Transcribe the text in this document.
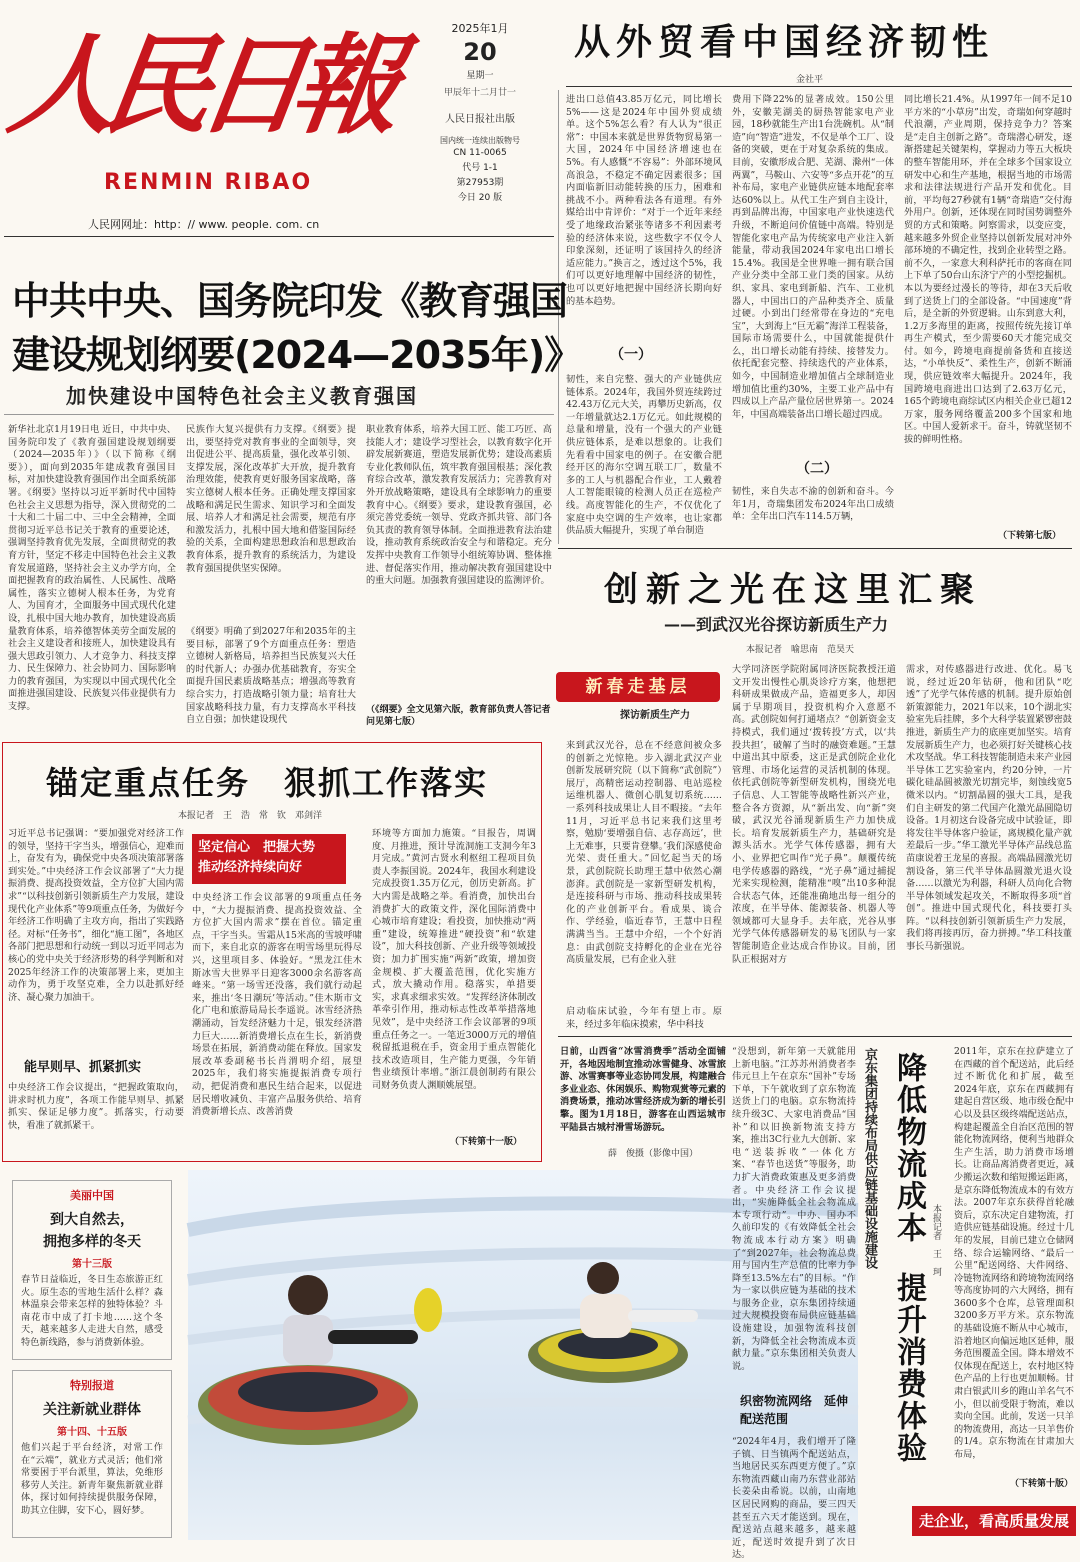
人民日報
RENMIN RIBAO
人民网网址：http：// www. people. com. cn
2025年1月
20
星期一
甲辰年十二月廿一
人民日报社出版
国内统一连续出版物号
CN 11-0065
代号 1-1
第27953期
今日 20 版
从外贸看中国经济韧性
金社平
进出口总值43.85万亿元，同比增长5%——这是2024年中国外贸成绩单。这个5%怎么看？有人认为“很正常”：中国本来就是世界货物贸易第一大国，2024年中国经济增速也在5%。有人感慨“不容易”：外部环境风高浪急，不稳定不确定因素很多；国内面临新旧动能转换的压力，困难和挑战不小。两种看法各有道理。有外媒给出中肯评价：“对于一个近年来经受了地缘政治紧张等诸多不利因素考验的经济体来说，这些数字不仅令人印象深刻，还证明了该国持久的经济适应能力。”换言之，透过这个5%，我们可以更好地理解中国经济的韧性，也可以更好地把握中国经济长期向好的基本趋势。
（一）
韧性，来自完整、强大的产业链供应链体系。2024年，我国外贸连续跨过42.43万亿元大关，再攀历史新高，仅一年增量就达2.1万亿元。如此规模的总量和增量，没有一个强大的产业链供应链体系，是难以想象的。让我们先看看中国家电的例子。在安徽合肥经开区的海尔空调互联工厂，数量不多的工人与机器配合作业，工人戴着人工智能眼镜的检测人员正在巡检产线。高度智能化的生产，不仅优化了家庭中央空调的生产效率，也让家都供品质大幅提升，实现了单台制造
费用下降22%的显著成效。150公里外，安徽芜湖美的厨热智能家电产业园，18秒就能生产出1台洗碗机。从“制造”向“智造”进发，不仅是单个工厂、设备的突破，更在于对复杂系统的集成。目前，安徽形成合肥、芜湖、滁州“一体两翼”，马鞍山、六安等“多点开花”的互补布局，家电产业链供应链本地配套率达60%以上。从代工生产到自主设计，再到品牌出海，中国家电产业快速迭代升级，不断追问价值链中高端。特别是智能化家电产品为传统家电产业注入新能量，带动我国2024年家电出口增长15.4%。我国是全世界唯一拥有联合国产业分类中全部工业门类的国家。从纺织、家具、家电到新船、汽车、工业机器人，中国出口的产品种类齐全、质量过硬。小到出门经常带在身边的“充电宝”，大到海上“巨无霸”海洋工程装备，国际市场需要什么，中国就能提供什么，出口增长动能有持续、接替发力。依托配套完整、持续迭代的产业体系，如今，中国制造业增加值占全球制造业增加值比重约30%，主要工业产品中有四成以上产品产量位居世界第一。2024年，中国高端装备出口增长超过四成。
（二）
韧性，来自失志不渝的创新和奋斗。今年1月，奇瑞集团发布2024年出口成绩单：全年出口汽车114.5万辆，
同比增长21.4%。从1997年一间不足10平方米的“小草房”出发，奇瑞如何穿越时代浪潮，产业周期，保持竞争力？答案是“走自主创新之路”。奇瑞潜心研发，逐渐搭建起关键架构，掌握动力等五大板块的整车智能用环，并在全球多个国家设立研发中心和生产基地，根据当地的市场需求和法律法规进行产品开发和优化。目前，平均每27秒就有1辆“奇瑞造”交付海外用户。创新，还体现在同时国势调整外贸的方式和策略。阿察需求，以变应变，越来越多外贸企业坚持以创新发展对冲外部环境的不确定性，找到企业转型之路。前不久，一家意大利科萨托市的客商在同上下单了50台山东济宁产的小型挖掘机。本以为要经过漫长的等待，却在3天后收到了送货上门的全部设备。“中国速度”背后，是全新的外贸逻辑。山东到意大利，1.2万多海里的距离，按照传统先接订单再生产模式，至少需要60天才能完成交付。如今，跨境电商提前备货和直接送达，“小单快反”、柔性生产，创新不断涌现，供应链效率大幅提升。2024年，我国跨境电商进出口达到了2.63万亿元，165个跨境电商综试区内相关企业已超12万家，服务网络覆盖200多个国家和地区。中国人爱新求干。奋斗，铸就坚韧不拔的鲜明性格。
（下转第七版）
中共中央、国务院印发《教育强国
建设规划纲要(2024—2035年)》
加快建设中国特色社会主义教育强国
新华社北京1月19日电 近日，中共中央、国务院印发了《教育强国建设规划纲要（2024—2035年）》（以下简称《纲要》），面向到2035年建成教育强国目标，对加快建设教育强国作出全面系统部署。《纲要》坚持以习近平新时代中国特色社会主义思想为指导，深入贯彻党的二十大和二十届二中、三中全会精神，全面贯彻习近平总书记关于教育的重要论述，强调坚持教育优先发展，全面贯彻党的教育方针，坚定不移走中国特色社会主义教育发展道路，坚持社会主义办学方向，全面把握教育的政治属性、人民属性、战略属性，落实立德树人根本任务，为党育人、为国育才，全面服务中国式现代化建设，扎根中国大地办教育，加快建设高质量教育体系，培养德智体美劳全面发展的社会主义建设者和接班人，加快建设具有强大思政引领力、人才竞争力、科技支撑力、民生保障力、社会协同力、国际影响力的教育强国，为实现以中国式现代化全面推进强国建设、民族复兴伟业提供有力支撑。
民族作大复兴提供有力支撑。《纲要》提出，要坚持党对教育事业的全面领导，突出促进公平、提高质量，强化改革引领、支撑发展，深化改革扩大开放，提升教育治理效能，使教育更好服务国家战略，落实立德树人根本任务。正确处理支撑国家战略和满足民生需求、知识学习和全面发展、培养人才和满足社会需要，规范有序和激发活力，扎根中国大地和借鉴国际经验的关系，全面构建思想政治和思想政治教育体系，提升教育的系统活力，为建设教育强国提供坚实保障。
《纲要》明确了到2027年和2035年的主要目标，部署了9个方面重点任务：塑造立德树人新格局，培养担当民族复兴大任的时代新人；办强办优基础教育，夯实全面提升国民素质战略基点；增强高等教育综合实力，打造战略引领力量；培育壮大国家战略科技力量，有力支撑高水平科技自立自强；加快建设现代
职业教育体系，培养大国工匠、能工巧匠、高技能人才；建设学习型社会，以教育数字化开辟发展新赛道，塑造发展新优势；建设高素质专业化教师队伍，筑牢教育强国根基；深化教育综合改革，激发教育发展活力；完善教育对外开放战略策略，建设具有全球影响力的重要教育中心。《纲要》要求，建设教育强国，必须完善党委统一领导、党政齐抓共管、部门各负其责的教育领导体制。全面推进教育法治建设，推动教育系统政治安全与和谐稳定。充分发挥中央教育工作领导小组统筹协调、整体推进、督促落实作用，推动解决教育强国建设中的重大问题。加强教育强国建设的监测评价。
（《纲要》全文见第六版，教育部负责人答记者问见第七版）
锚定重点任务　狠抓工作落实
本报记者　王　浩　常　钦　邓剑洋
习近平总书记强调：“要加强党对经济工作的领导，坚持干字当头，增强信心，迎难而上，奋发有为，确保党中央各项决策部署落到实处。”中央经济工作会议部署了“大力提振消费、提高投资效益，全方位扩大国内需求”“以科技创新引领新质生产力发展，建设现代化产业体系”等9项重点任务，为做好今年经济工作明确了主攻方向，指出了实践路径。对标“任务书”，细化“施工图”，各地区各部门把思想和行动统一到以习近平同志为核心的党中央关于经济形势的科学判断和对2025年经济工作的决策部署上来，更加主动作为，勇于攻坚克难，全力以赴抓好经济、凝心聚力加油干。
能早则早、抓紧抓实
中央经济工作会议提出，“把握政策取向，讲求时机力度”，各项工作能早则早、抓紧抓实、保证足够力度”。抓落实，行动要快，看准了就抓紧干。
坚定信心　把握大势
推动经济持续向好
中央经济工作会议部署的9项重点任务中，“大力提振消费、提高投资效益、全方位扩大国内需求”摆在首位。锚定重点，干字当头。雪霜从15米高的雪坡呼啸而下，来自北京的游客在明雪场里玩得尽兴，这里项目多、体验好。“黑龙江佳木斯冰雪大世界平日迎客3000余名游客高峰来。“第一场雪还没落，我们就行动起来，推出‘冬日潮玩’等活动。”佳木斯市文化广电和旅游局局长李遥说。冰雪经济热潮涌动，旨发经济魅力十足，银发经济潜力巨大……新消费增长点在生长，新消费场景在拓展，新消费动能在释放。国家发展改革委副秘书长肖渭明介绍，展望2025年，我们将实施提振消费专项行动，把促消费和惠民生结合起来，以促进居民增收减负、丰富产品服务供给、培育消费新增长点、改善消费
环境等方面加力施策。“目报告，周调度、月推进，预计导流洞施工支洞今年3月完成。”黄河古贤水利枢纽工程项目负责人李振国说。2024年，我国水利建设完成投资1.35万亿元，创历史新高。扩大内需是战略之举。看消费，加快出台消费扩大的政策文件，深化国际消费中心城市培育建设；看投资，加快推动“两重”建设，统筹推进“硬投资”和“软建设”，加大科技创新、产业升级等领域投资；加力扩围实施“两新”政策，增加资金规模、扩大覆盖范围，优化实施方式，放大撬动作用。稳落实，单措要实，求真求细求实效。“发挥经济体制改革牵引作用，推动标志性改革举措落地见效”，是中央经济工作会议部署的9项重点任务之一。一笔近3000万元的增值税留抵退税在手，资金用于重点智能化技术改造项目，生产能力更强，今年销售业绩预计率增。”浙江晨创制药有限公司财务负责人渊顺姚展望。
（下转第十一版）
创新之光在这里汇聚
——到武汉光谷探访新质生产力
本报记者　喻思南　范昊天
新春走基层
探访新质生产力
来到武汉光谷，总在不经意间被众多的创新之光惊艳。步入湖北武汉产业创新发展研究院（以下简称“武创院”）展厅，高精密运动控制器、电站巡检运维机器人、微创心肌复切系统……一系列科技成果让人目不暇接。“去年11月，习近平总书记来我们这里考察，勉励‘要增强自信、志存高远’，世上无难事，只要肯登攀。’我们深感使命光荣、责任重大。”回忆起当天的场景，武创院院长助理王慧中依然心潮澎湃。武创院是一家新型研发机构，是连接科研与市场、推动科技成果转化的产业创新平台。看成果、谈合作、学经验，临近春节，王慧中日程满满当当。王慧中介绍，一个个好消息：由武创院支持孵化的企业在光谷高质量发展，已有企业入驻
启动临床试验，今年有望上市。原来，经过多年临床摸索，华中科技
大学同济医学院附属同济医院教授汪道文开发出慢性心肌炎诊疗方案，他想把科研成果做成产品，造福更多人，却因属于早期项目，投资机构介入意愿不高。武创院如何打通堵点？“创新资金支持模式，我们通过‘拨转投’方式，以‘共投共担’，破解了当时的融资难题。”王慧中道出其中原委，这正是武创院企业化管理、市场化运营的灵活机制的体现。依托武创院等新型研发机构，围绕光电子信息、人工智能等战略性新兴产业，整合各方资源，从“新出发、向“新”突破，武汉光谷涌现新质生产力加快成长。培育发展新质生产力，基础研究是源头活水。光学气体传感器，拥有大小、业界把它叫作“光子鼻”。颠覆传统电学传感器的路线，“光子鼻”通过捕捉光来实现检测，能精准“嗅”出10多种混合状态气体，还能准确地出每一组分的浓度，在半导体、能源装备、机器人等领域都可大显身手。去年底，光谷从事光学气体传感器研发的易飞团队与一家智能制造企业达成合作协议。目前，团队正根据对方
需求，对传感器进行改进、优化。易飞说，经过近20年钻研，他和团队“吃透”了光学气体传感的机制。提升原始创新策源能力，2021年以来，10个湖北实验室先后挂牌，多个大科学装置紧锣密鼓推进，新质生产力的底座更加坚实。培育发展新质生产力，也必须打好关键核心技术攻坚战。华工科技智能制造未来产业园半导体工艺实验室内，约20分钟，一片碳化硅晶圆被激光切割完毕，刻蚀线宽5微米以内。“切割晶圆的强大工具，是我们自主研发的第二代国产化激光晶圆隐切设备。1月初这台设备完成中试验证，即将发往半导体客户验证，离规模化量产就差最后一步。”华工激光半导体产品线总监苗康说着王龙星的喜报。高端晶圆激光切割设备，第三代半导体晶圆激光退火设备……以激光为利器，科研人员向化合物半导体领域发起攻关，不断取得多项“首创”。推进中国式现代化，科技要打头阵。“以科技创新引领新质生产力发展，我们将再接再厉，奋力拼搏。”华工科技董事长马新强说。
日前，山西省“冰雪消费季”活动全面铺开，各地因地制宜推动冰雪健身、冰雪旅游、冰雪赛事等业态协同发展，构建融合多业业态、休闲娱乐、购物观赏等元素的消费场景，推动冰雪经济成为新的增长引擎。图为1月18日，游客在山西运城市平陆县古城村滑雪场游玩。
薛　俊摄（影像中国）	降低物流成本
提升消费体验
京东集团持续布局供应链基础设施建设	本报记者　王　珂
“没想到，新年第一天就能用上新电脑。”江苏苏州消费者李伟元旦上午在京东“国补”专场下单，下午就收到了京东物流送货上门的电脑。京东物流持续升级3C、大家电消费品“国补”和以旧换新物流支持方案，推出3C行业九大创新、家电“送装拆收”一体化方案、“春节也送货”等服务，助力扩大消费政策惠及更多消费者。中央经济工作会议提出，“实施降低全社会物流成本专项行动”。中办、国办不久前印发的《有效降低全社会物流成本行动方案》明确了“到2027年，社会物流总费用与国内生产总值的比率力争降至13.5%左右”的目标。“作为一家以供应链为基础的技术与服务企业，京东集团持续通过大规模投资布局供应链基础设施建设，加强物流科技创新，为降低全社会物流成本贡献力量。”京东集团相关负责人说。
织密物流网络　延伸配送范围
“2024年4月，我们增开了隆子镇、日当镇两个配送站点，当地居民买东西更方便了。”京东物流西藏山南乃东营业部站长姜朵由希说。以前，山南地区居民网购的商品，要三四天甚至五六天才能送到。现在，配送站点越来越多，越来越近，配送时效提升到了次日达。
2011年，京东在拉萨建立了在西藏的首个配送站，此后经过不断优化和扩展，截至2024年底，京东在西藏拥有建起自营区级、地市级仓配中心以及县区级终端配送站点，构建起覆盖全自治区范围的智能化物流网络，便利当地群众生产生活，助力消费市场增长。让商品离消费者更近，减少搬运次数和缩短搬运距离，是京东降低物流成本的有效方法。2007年京东获得首轮融资后，京东决定自建物流，打造供应链基础设施。经过十几年的发展，目前已建立仓储网络、综合运输网络、“最后一公里”配送网络、大件网络、冷链物流网络和跨境物流网络等高度协同的六大网络，拥有3600多个仓库，总管理面积3200多万平方米。京东物流的基础设施不断从中心城市，沿着地区向偏远地区延伸，服务范围覆盖全国。降本增效不仅体现在配送上，农村地区特色产品的上行也更加顺畅。甘肃白银武川乡的跑山羊名气不小，但以前受限于物流，难以卖向全国。此前，发送一只羊的物流费用，高达一只羊售价的1/4。京东物流在甘肃加大布局，
（下转第十版）
走企业，看高质量发展
美丽中国
到大自然去，
拥抱多样的冬天
第十三版
春节日益临近，冬日生态旅游正红火。原生态的雪地生活什么样？森林温泉会带来怎样的独特体验？斗南花市中成了打卡地……这个冬天，越来越多人走进大自然，感受特色新线路，参与消费新体验。
特别报道
关注新就业群体
第十四、十五版
他们兴起于平台经济，对常工作在“云端”，就业方式灵活；他们常常要困于平台派里，算法，免维形移劳人关注。新青年聚焦新就业群体，探讨如何持续提供服务保障，助其立住脚，安下心，圆好梦。
